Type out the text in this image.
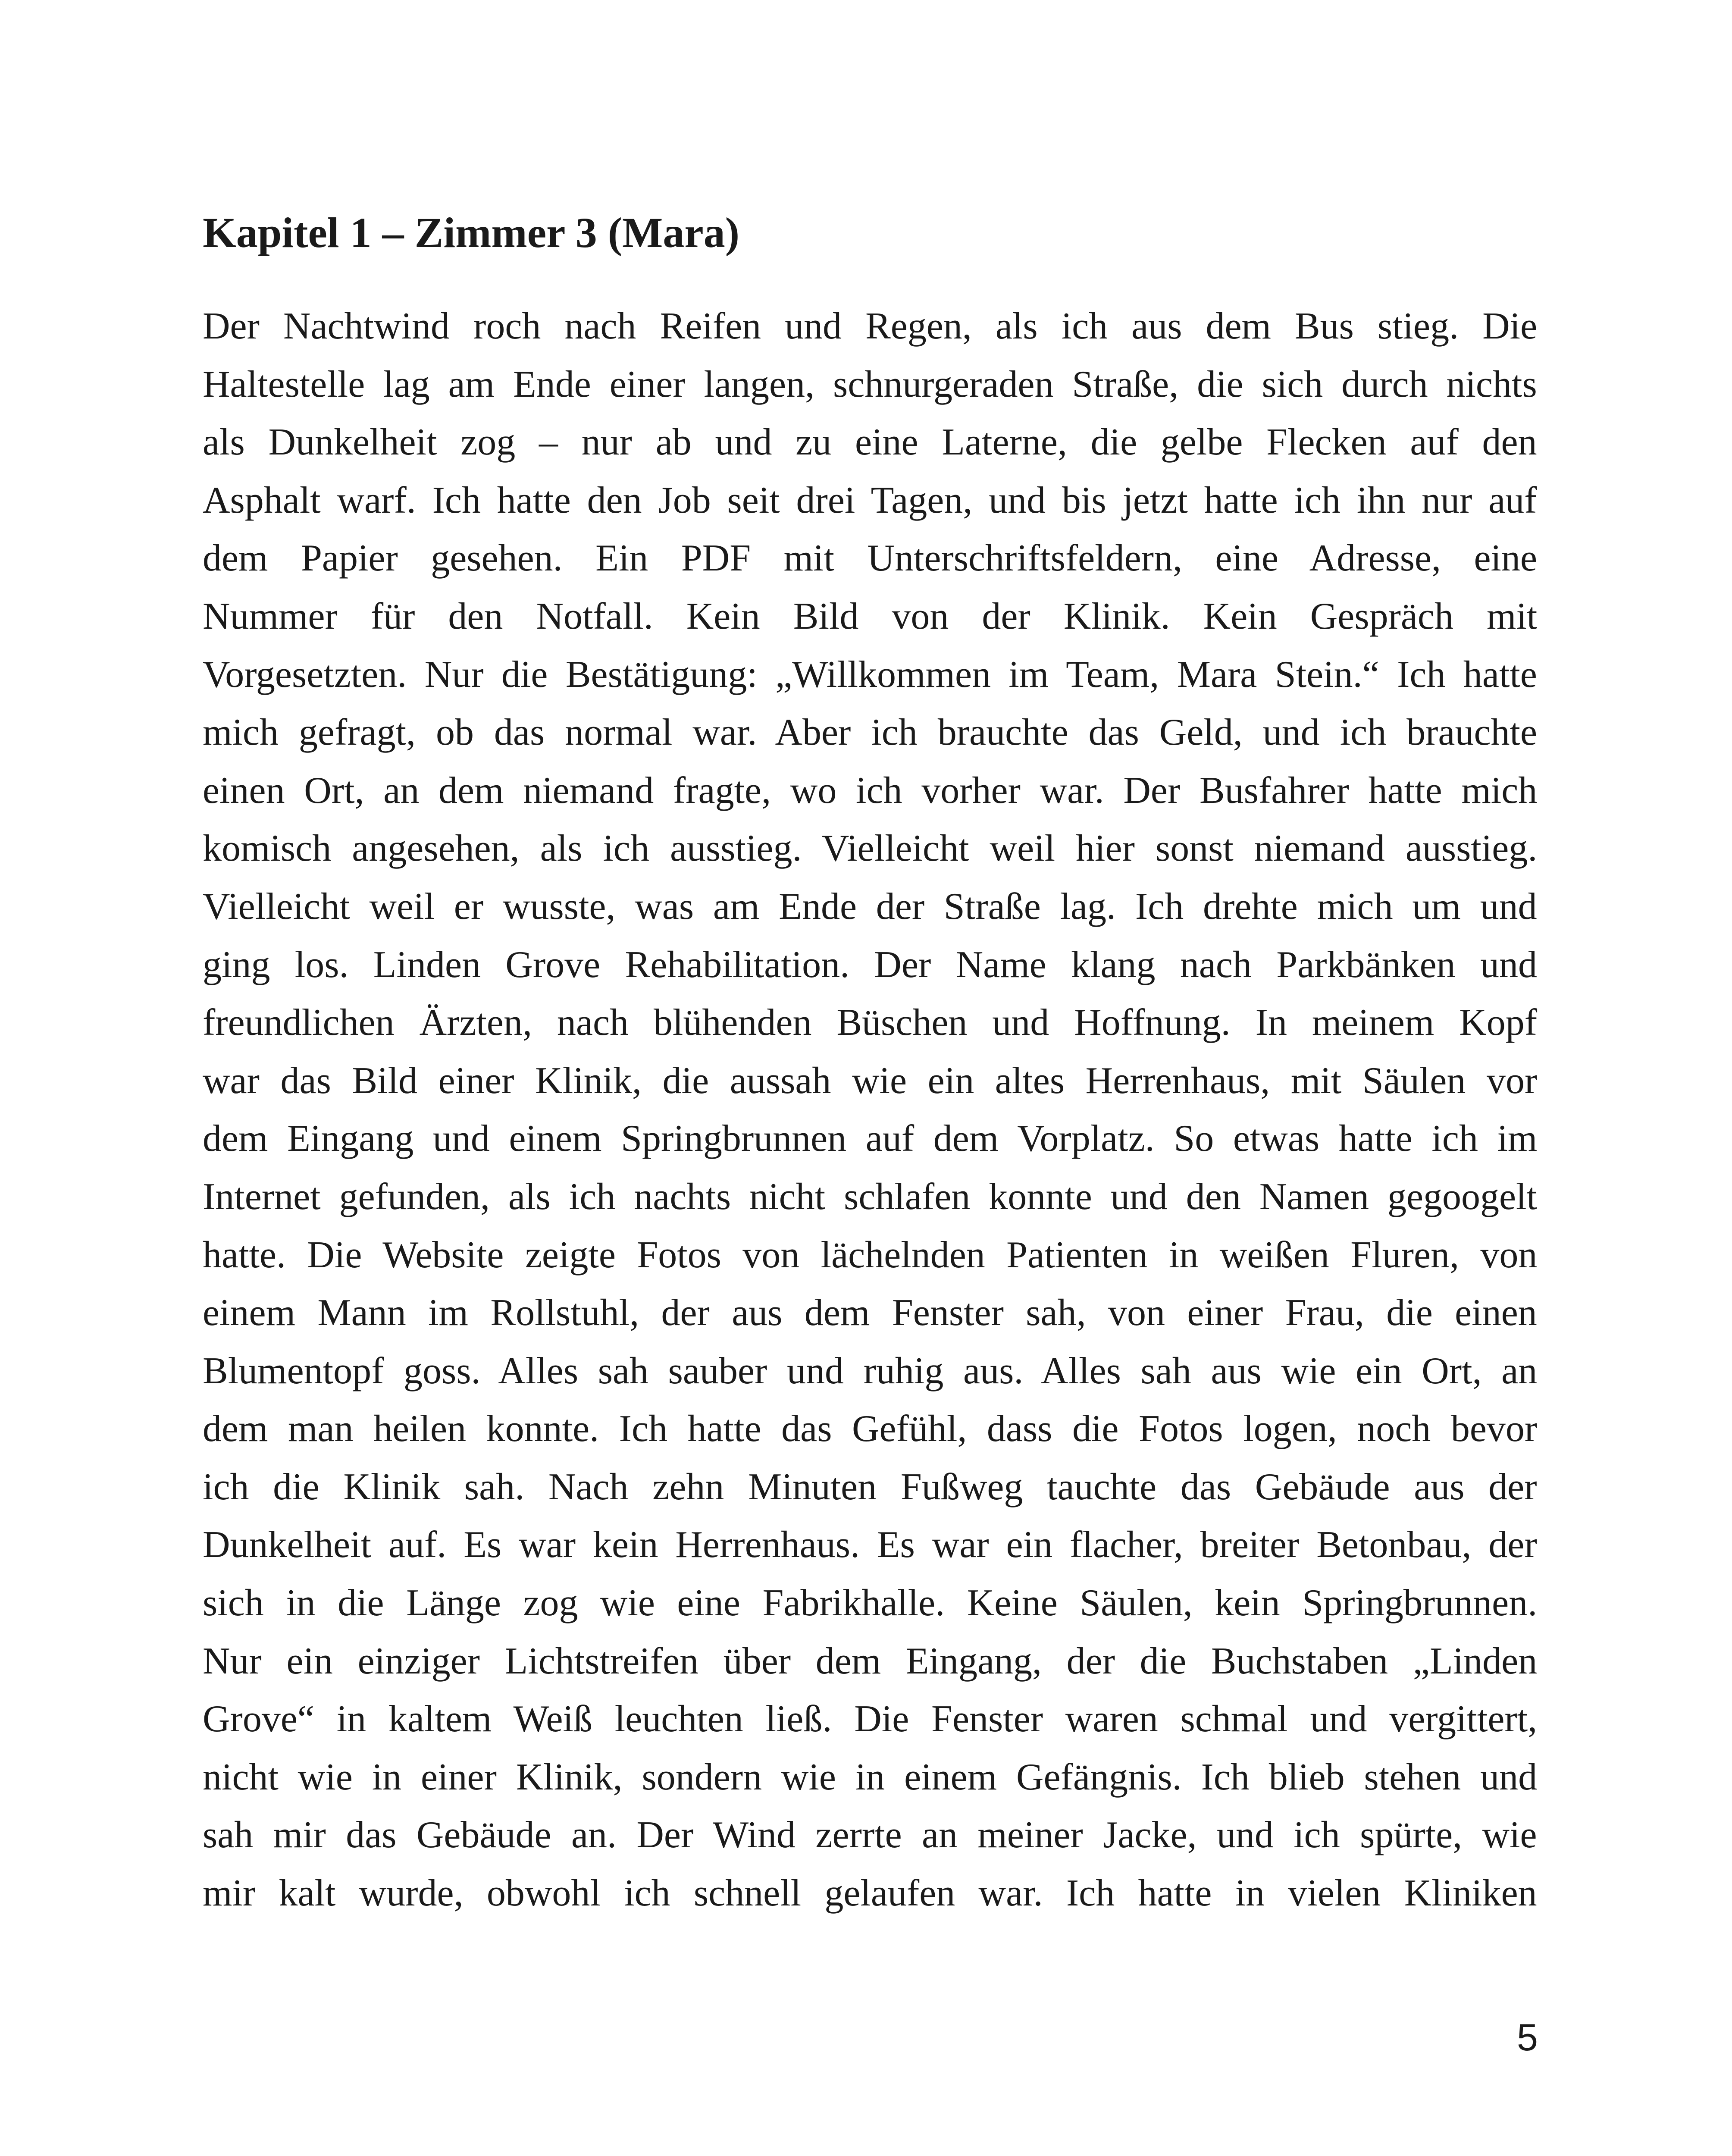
Kapitel 1 – Zimmer 3 (Mara)
Der Nachtwind roch nach Reifen und Regen, als ich aus dem Bus stieg. Die
Haltestelle lag am Ende einer langen, schnurgeraden Straße, die sich durch nichts
als Dunkelheit zog – nur ab und zu eine Laterne, die gelbe Flecken auf den
Asphalt warf. Ich hatte den Job seit drei Tagen, und bis jetzt hatte ich ihn nur auf
dem Papier gesehen. Ein PDF mit Unterschriftsfeldern, eine Adresse, eine
Nummer für den Notfall. Kein Bild von der Klinik. Kein Gespräch mit
Vorgesetzten. Nur die Bestätigung: „Willkommen im Team, Mara Stein.“ Ich hatte
mich gefragt, ob das normal war. Aber ich brauchte das Geld, und ich brauchte
einen Ort, an dem niemand fragte, wo ich vorher war. Der Busfahrer hatte mich
komisch angesehen, als ich ausstieg. Vielleicht weil hier sonst niemand ausstieg.
Vielleicht weil er wusste, was am Ende der Straße lag. Ich drehte mich um und
ging los. Linden Grove Rehabilitation. Der Name klang nach Parkbänken und
freundlichen Ärzten, nach blühenden Büschen und Hoffnung. In meinem Kopf
war das Bild einer Klinik, die aussah wie ein altes Herrenhaus, mit Säulen vor
dem Eingang und einem Springbrunnen auf dem Vorplatz. So etwas hatte ich im
Internet gefunden, als ich nachts nicht schlafen konnte und den Namen gegoogelt
hatte. Die Website zeigte Fotos von lächelnden Patienten in weißen Fluren, von
einem Mann im Rollstuhl, der aus dem Fenster sah, von einer Frau, die einen
Blumentopf goss. Alles sah sauber und ruhig aus. Alles sah aus wie ein Ort, an
dem man heilen konnte. Ich hatte das Gefühl, dass die Fotos logen, noch bevor
ich die Klinik sah. Nach zehn Minuten Fußweg tauchte das Gebäude aus der
Dunkelheit auf. Es war kein Herrenhaus. Es war ein flacher, breiter Betonbau, der
sich in die Länge zog wie eine Fabrikhalle. Keine Säulen, kein Springbrunnen.
Nur ein einziger Lichtstreifen über dem Eingang, der die Buchstaben „Linden
Grove“ in kaltem Weiß leuchten ließ. Die Fenster waren schmal und vergittert,
nicht wie in einer Klinik, sondern wie in einem Gefängnis. Ich blieb stehen und
sah mir das Gebäude an. Der Wind zerrte an meiner Jacke, und ich spürte, wie
mir kalt wurde, obwohl ich schnell gelaufen war. Ich hatte in vielen Kliniken
5
